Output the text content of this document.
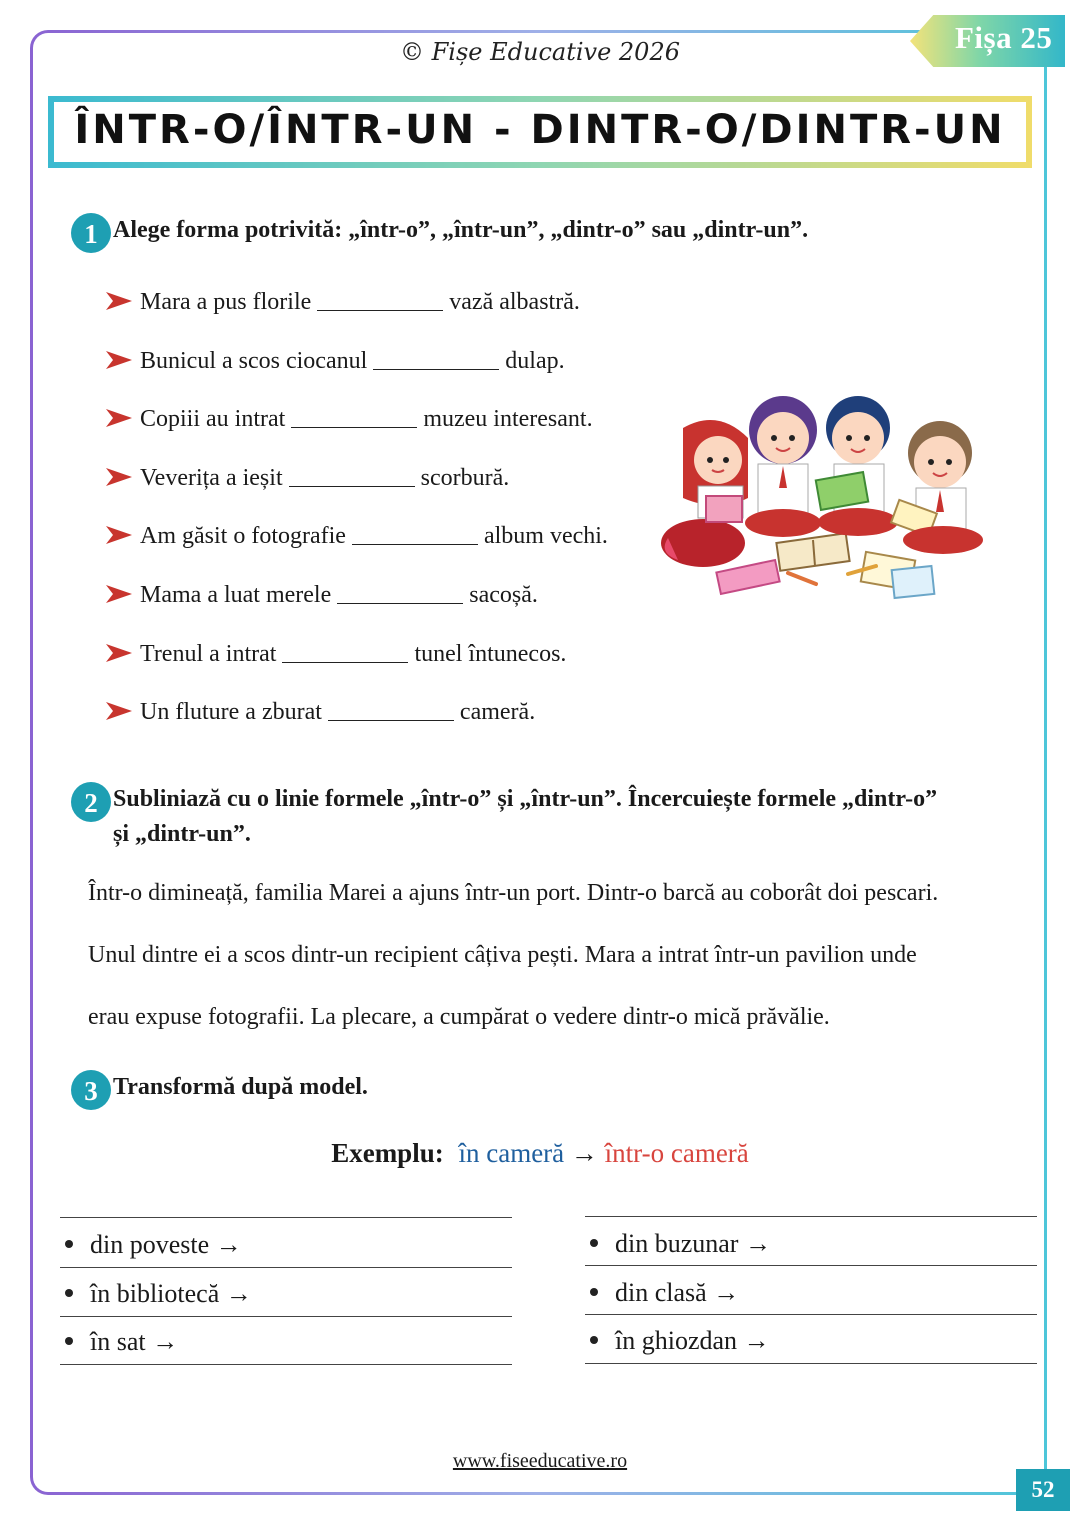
© Fișe Educative 2026	Fișa 25
ÎNTR-O/ÎNTR-UN - DINTR-O/DINTR-UN
1 Alege forma potrivită: „într-o”, „într-un”, „dintr-o” sau „dintr-un”.
Mara a pus florile	vază albastră.
Bunicul a scos ciocanul	dulap.
Copiii au intrat	muzeu interesant.
Veverița a ieșit	scorbură.
Am găsit o fotografie	album vechi.
Mama a luat merele	sacoșă.
Trenul a intrat	tunel întunecos.
Un fluture a zburat	cameră.
2 Subliniază cu o linie formele „într-o” și „într-un”. Încercuiește formele „dintr-o”
și „dintr-un”.
Într-o dimineață, familia Marei a ajuns într-un port. Dintr-o barcă au coborât doi pescari.
Unul dintre ei a scos dintr-un recipient câțiva pești. Mara a intrat într-un pavilion unde
erau expuse fotografii. La plecare, a cumpărat o vedere dintr-o mică prăvălie.
3 Transformă după model.
Exemplu: în cameră → într-o cameră
din poveste →
în bibliotecă →
în sat →
din buzunar →
din clasă →
în ghiozdan →
www.fiseeducative.ro
52
